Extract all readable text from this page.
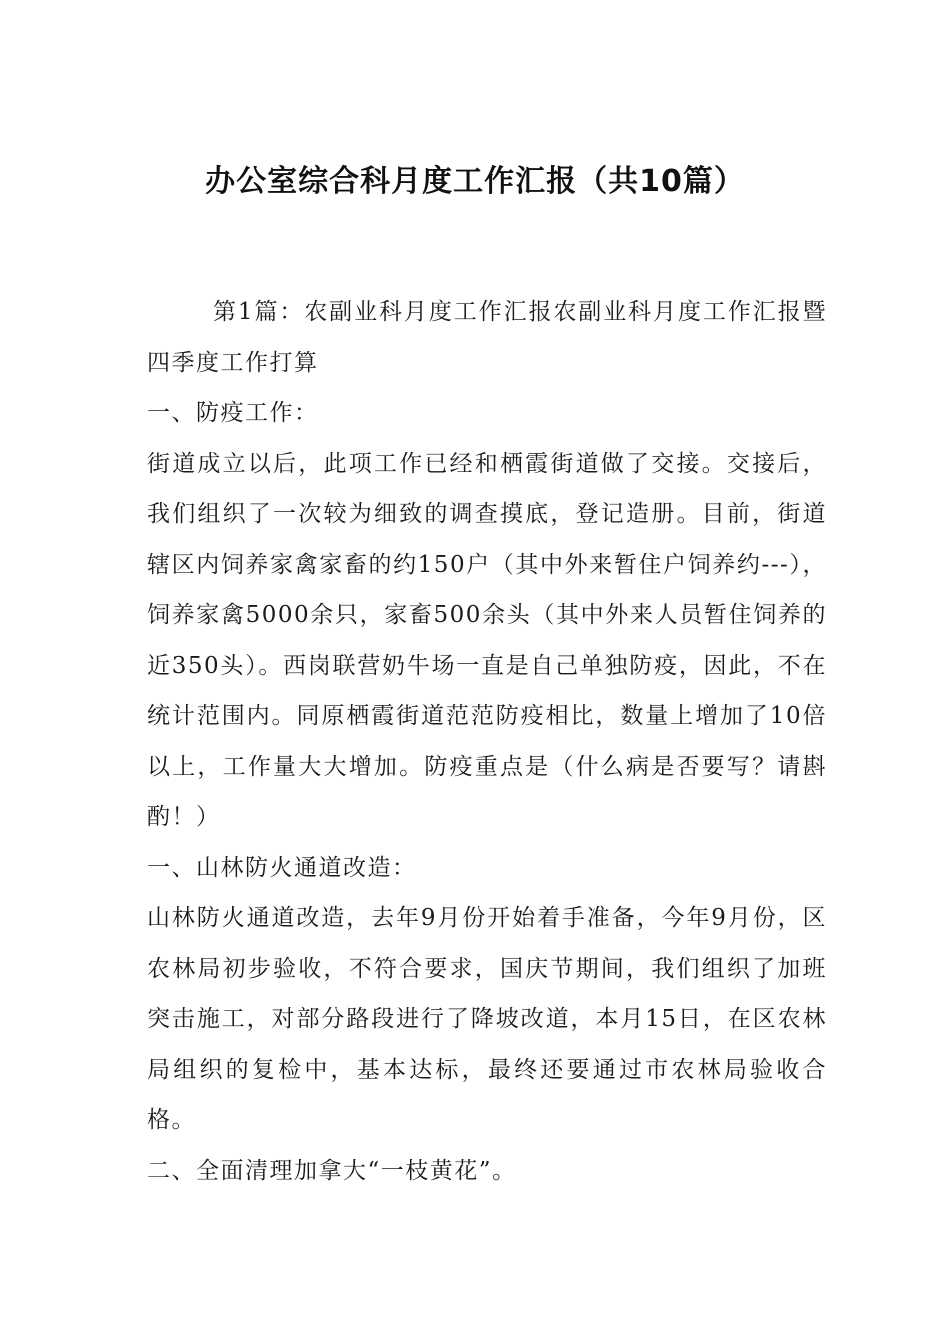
办公室综合科月度工作汇报（共10篇）

第1篇：农副业科月度工作汇报农副业科月度工作汇报暨四季度工作打算

一、防疫工作：

街道成立以后，此项工作已经和栖霞街道做了交接。交接后，我们组织了一次较为细致的调查摸底，登记造册。目前，街道辖区内饲养家禽家畜的约150户（其中外来暂住户饲养约---），饲养家禽5000余只，家畜500余头（其中外来人员暂住饲养的近350头）。西岗联营奶牛场一直是自己单独防疫，因此，不在统计范围内。同原栖霞街道范范防疫相比，数量上增加了10倍以上，工作量大大增加。防疫重点是（什么病是否要写？请斟酌！）

一、山林防火通道改造：

山林防火通道改造，去年9月份开始着手准备，今年9月份，区农林局初步验收，不符合要求，国庆节期间，我们组织了加班突击施工，对部分路段进行了降坡改道，本月15日，在区农林局组织的复检中，基本达标，最终还要通过市农林局验收合格。

二、全面清理加拿大“一枝黄花”。
